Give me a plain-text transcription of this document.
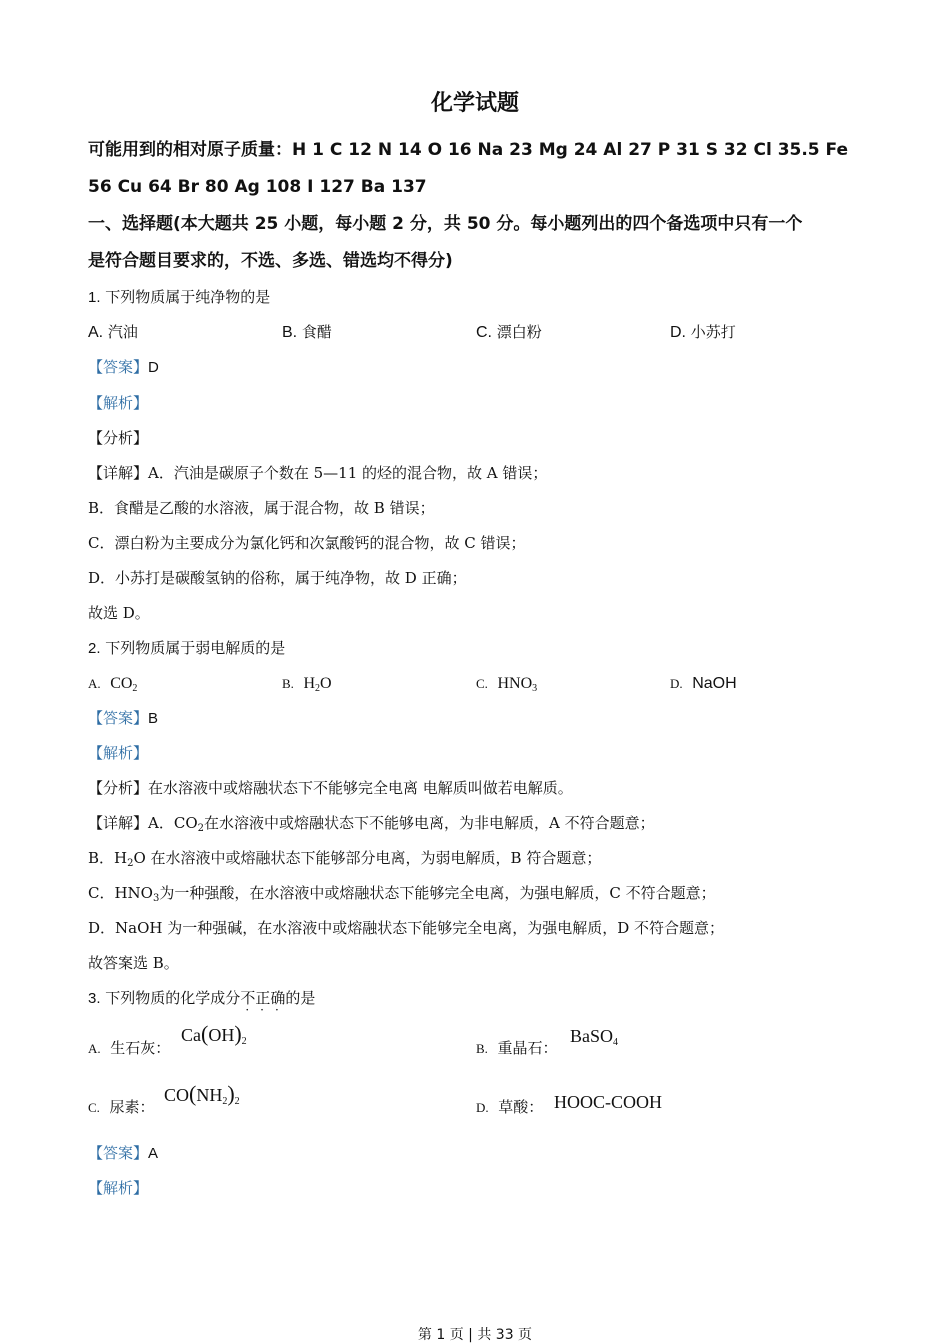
化学试题
可能用到的相对原子质量：H 1 C 12 N 14 O 16 Na 23 Mg 24 Al 27 P 31 S 32 Cl 35.5 Fe
56 Cu 64 Br 80 Ag 108 I 127 Ba 137
一、选择题(本大题共 25 小题，每小题 2 分，共 50 分。每小题列出的四个备选项中只有一个
是符合题目要求的，不选、多选、错选均不得分)
1. 下列物质属于纯净物的是
A. 汽油	B. 食醋	C. 漂白粉	D. 小苏打
【答案】D
【解析】
【分析】
【详解】A．汽油是碳原子个数在 5—11 的烃的混合物，故 A 错误；
B．食醋是乙酸的水溶液，属于混合物，故 B 错误；
C．漂白粉为主要成分为氯化钙和次氯酸钙的混合物，故 C 错误；
D．小苏打是碳酸氢钠的俗称，属于纯净物，故 D 正确；
故选 D。
2. 下列物质属于弱电解质的是
A. $CO_2$	B. $H_2O$	C. $HNO_3$	D. NaOH
【答案】B
【解析】
【分析】在水溶液中或熔融状态下不能够完全电离 电解质叫做若电解质。
【详解】A．$CO_2$在水溶液中或熔融状态下不能够电离，为非电解质，A 不符合题意；
B．$H_2O$ 在水溶液中或熔融状态下能够部分电离，为弱电解质，B 符合题意；
C．$HNO_3$为一种强酸，在水溶液中或熔融状态下能够完全电离，为强电解质，C 不符合题意；
D．NaOH 为一种强碱，在水溶液中或熔融状态下能够完全电离，为强电解质，D 不符合题意；
故答案选 B。
3. 下列物质的化学成分不正确
···
的是
A. 生石灰：
$Ca(OH)_2$	B. 重晶石：
BaSO$_4$
C. 尿素：
$CO(NH_2)_2$	D. 草酸： HOOC-COOH
【答案】A
【解析】
第 1 页 | 共 33 页
